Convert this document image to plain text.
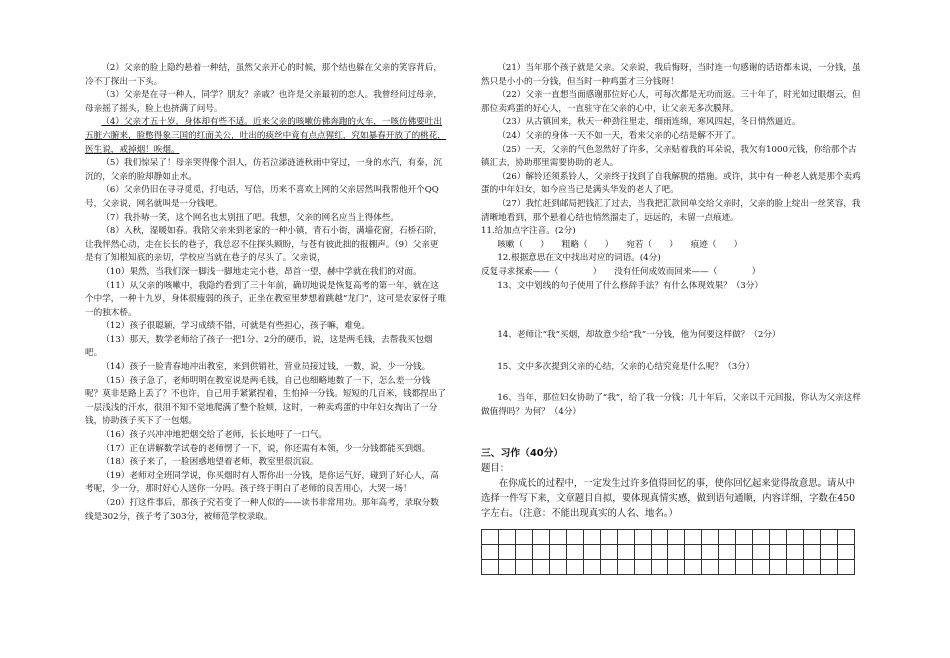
（2）父亲的脸上隐约悬着一种结，虽然父亲开心的时候，那个结也躲在父亲的笑容背后，冷不丁探出一下头。

（3）父亲是在寻一种人，同学？朋友？亲戚？也许是父亲最初的恋人。我曾经问过母亲，母亲摇了摇头，脸上也挤满了问号。

（4）父亲才五十岁，身体却有些不适。近来父亲的咳嗽仿佛奔跑的火车，一咳仿佛要吐出五脏六腑来，脸憋得象三国的红面关公，吐出的痰丝中竟有点点猩红，究如暴春开放了的桃花，医生说，戒掉烟！唉烟。

（5）我们惊呆了！母亲哭得像个泪人，仿若泣涕涟涟秋雨中穿过，一身的水汽，有泰，沉沉的，父亲的脸却静如止水。

（6）父亲仍旧在寻寻觅觅，打电话，写信，历来不喜欢上网的父亲居然叫我帮他开个QQ号，父亲说，网名就叫是一分钱吧。

（7）我扑哧一笑，这个网名也太别扭了吧。我想，父亲的网名应当上得体些。

（8）入秋，湿暖如春。我陪父亲来到老家的一种小镇，青石小街，满墙花窗，石桥石阶，让我怦然心动，走在长长的巷子，我总忍不住探头顾盼，与苍有彼此拙的报棚声。（9）父亲更是有了知根知底的亲切，学校应当就在巷子的尽头了。父亲说，

（10）果然，当我们深一脚浅一脚地走完小巷，昂首一望，赫中学就在我们的对面。

（11）从父亲的咳嗽中，我隐约看到了三十年前，确切地说是恢复高考的第一年，就在这个中学，一种十九岁，身体很瘦弱的孩子，正坐在教室里梦想着跳越“龙门”，这可是农家伢子唯一的独木桥。

（12）孩子很聪颖，学习成绩不错，可就是有些担心，孩子嘛，难免。

（13）那天，数学老师给了孩子一把1分、2分的硬币，说，这是两毛钱，去帮我买包烟吧。

（14）孩子一脸青春地冲出教室，来到供销社，营业员接过钱，一数，说，少一分钱。

（15）孩子急了，老师明明在教室说是两毛钱，自己也细略地数了一下，怎么差一分钱呢？莫非是路上丢了？不也许，自己用手紧紧捏着，生怕掉一分钱。短短的几百米，钱都捏出了一层浅浅的汗水，很泪不知不觉地爬满了整个脸颊，这时，一种卖鸡蛋的中年妇女掏出了一分钱，协助孩子买下了一包烟。

（16）孩子兴冲冲地把烟交给了老师，长长地吁了一口气。

（17）正在讲解数学试卷的老师愣了一下，说，你还需有本领，少一分钱都能买到烟。

（18）孩子来了，一脸困惑地望着老师，教室里很沉寂。

（19）老师对全班同学说，你买烟时有人帮你出一分钱，是你运气好，碰到了好心人，高考呢，少一分，那时好心人送你一分吗。孩子终于明白了老师的良苦用心，大哭一场！

（20）打这件事后，那孩子究若变了一种人似的——读书非常用功。那年高考，录取分数线是302分，孩子考了303分，被师范学校录取。

（21）当年那个孩子就是父亲。父亲说，我后悔呀，当时连一句感谢的话语都未说，一分钱，虽然只是小小的一分钱，但当时一种鸡蛋才三分钱呀！

（22）父亲一直想当面感谢那位好心人，可每次都是无功而返。三十年了，时光如过眼烟云，但那位卖鸡蛋的好心人，一直驻守在父亲的心中，让父亲无多次膜拜。

（23）从古镇回来，秋天一种劲往里走，细雨连绵，寒风四起，冬日悄然逼近。

（24）父亲的身体一天不如一天，看来父亲的心结是解不开了。

（25）一天，父亲的气色忽然好了许多，父亲贴着我的耳朵说，我欠有1000元钱，你给那个古镇汇去，协助那里需要协助的老人。

（26）解铃还须系铃人，父亲终于找到了自我解脱的措施。或许，其中有一种老人就是那个卖鸡蛋的中年妇女，如今应当已是满头华发的老人了吧。

（27）我忙赶到邮局把钱汇了过去，当我把汇款回单交给父亲时，父亲的脸上绽出一丝笑容，我清晰地看到，那个悬着心结也悄然溜走了，远远的，未留一点痕迹。

11.给加点字注音。(2分)

咳嗽（　　）　　粗略（　　）　　宛若（　　）　　痕迹（　　）

12.根据意思在文中找出对应的词语。(4分)

反复寻求探索——（　　　　）　　没有任何成效而回来——（　　　　）

13、文中划线的句子使用了什么修辞手法？有什么体现效果？（3分）

14、老师让“我”买烟，却故意少给“我”一分钱，他为何要这样做？（2分）

15、文中多次提到父亲的心结，父亲的心结究竟是什么呢？（3分）

16、当年，那位妇女协助了“我”，给了我一分钱；几十年后，父亲以千元回报，你认为父亲这样做值得吗？为何？（4分）

三、习作（40分）

题目：

在你成长的过程中，一定发生过许多值得回忆的事，使你回忆起来觉得故意思。请从中选择一件写下来，文章题目自拟，要体现真情实感，做到语句通顺，内容详细，字数在450字左右。（注意：不能出现真实的人名、地名。）
